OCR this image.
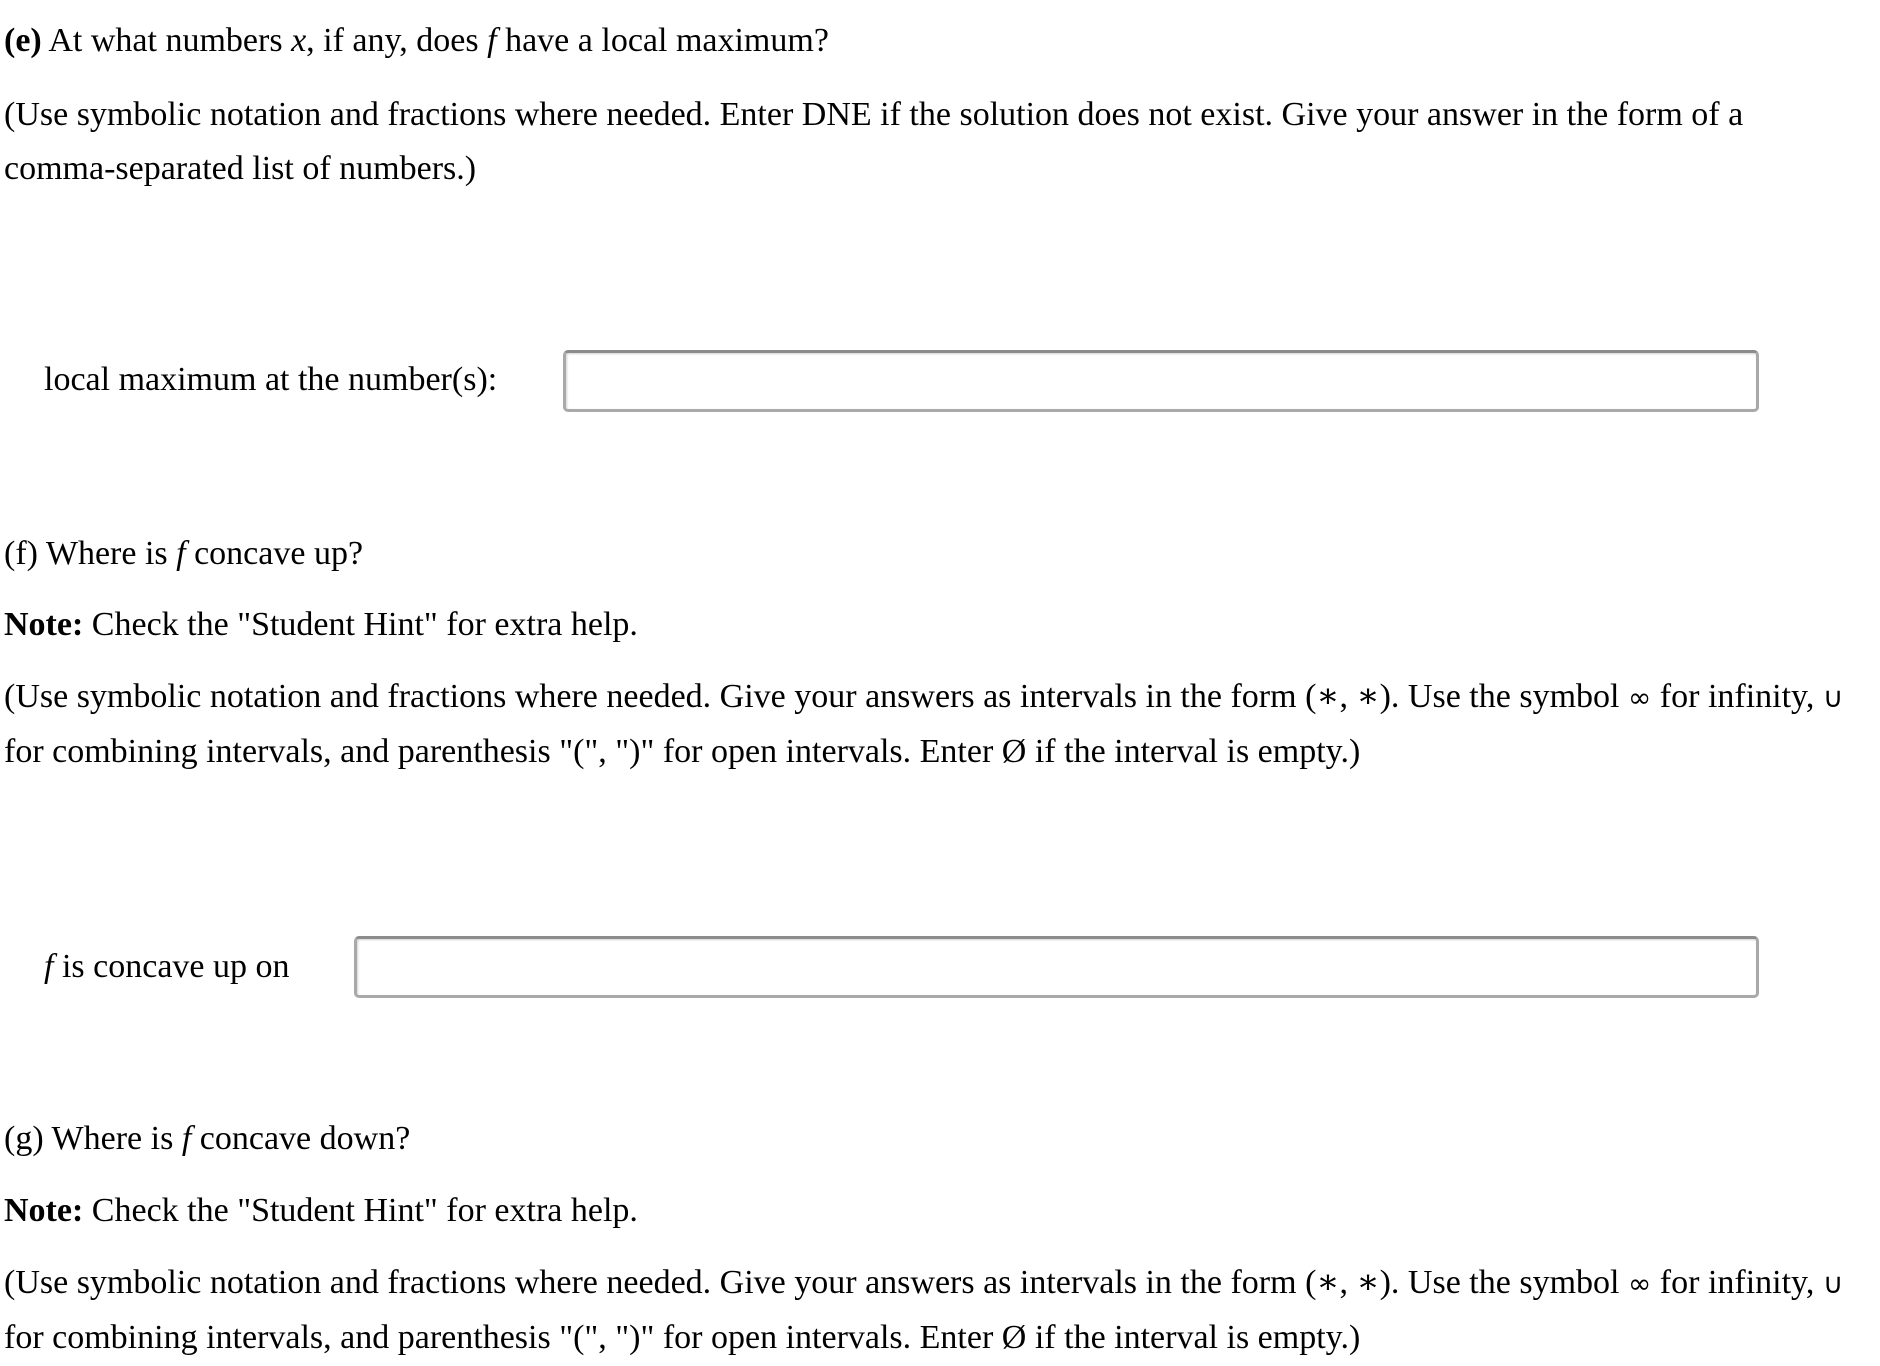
(e) At what numbers x, if any, does f have a local maximum?

(Use symbolic notation and fractions where needed. Enter DNE if the solution does not exist. Give your answer in the form of a comma-separated list of numbers.)

local maximum at the number(s):

(f) Where is f concave up?

Note: Check the "Student Hint" for extra help.

(Use symbolic notation and fractions where needed. Give your answers as intervals in the form (∗, ∗). Use the symbol ∞ for infinity, ∪ for combining intervals, and parenthesis "(", ")" for open intervals. Enter Ø if the interval is empty.)

f is concave up on

(g) Where is f concave down?

Note: Check the "Student Hint" for extra help.

(Use symbolic notation and fractions where needed. Give your answers as intervals in the form (∗, ∗). Use the symbol ∞ for infinity, ∪ for combining intervals, and parenthesis "(", ")" for open intervals. Enter Ø if the interval is empty.)
